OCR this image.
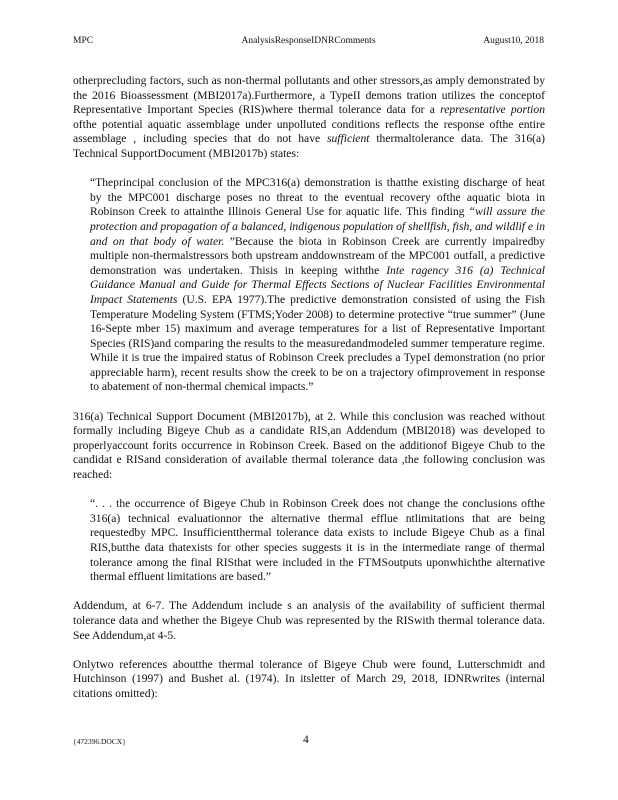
MPC	AnalysisResponseIDNRComments	August10, 2018

otherprecluding factors, such as non-thermal pollutants and other stressors,as amply demonstrated by the 2016 Bioassessment (MBI2017a).Furthermore, a TypeII demons tration utilizes the conceptof Representative Important Species (RIS)where thermal tolerance data for a representative portion ofthe potential aquatic assemblage under unpolluted conditions reflects the response ofthe entire assemblage , including species that do not have sufficient thermaltolerance data. The 316(a) Technical SupportDocument (MBI2017b) states:

“Theprincipal conclusion of the MPC316(a) demonstration is thatthe existing discharge of heat by the MPC001 discharge poses no threat to the eventual recovery ofthe aquatic biota in Robinson Creek to attainthe Illinois General Use for aquatic life. This finding “will assure the protection and propagation of a balanced, indigenous population of shellfish, fish, and wildlif e in and on that body of water. ”Because the biota in Robinson Creek are currently impairedby multiple non-thermalstressors both upstream anddownstream of the MPC001 outfall, a predictive demonstration was undertaken. Thisis in keeping withthe Inte ragency 316 (a) Technical Guidance Manual and Guide for Thermal Effects Sections of Nuclear Facilities Environmental Impact Statements (U.S. EPA 1977).The predictive demonstration consisted of using the Fish Temperature Modeling System (FTMS;Yoder 2008) to determine protective “true summer” (June 16-Septe mber 15) maximum and average temperatures for a list of Representative Important Species (RIS)and comparing the results to the measuredandmodeled summer temperature regime. While it is true the impaired status of Robinson Creek precludes a TypeI demonstration (no prior appreciable harm), recent results show the creek to be on a trajectory ofimprovement in response to abatement of non-thermal chemical impacts.”

316(a) Technical Support Document (MBI2017b), at 2. While this conclusion was reached without formally including Bigeye Chub as a candidate RIS,an Addendum (MBI2018) was developed to properlyaccount forits occurrence in Robinson Creek. Based on the additionof Bigeye Chub to the candidat e RISand consideration of available thermal tolerance data ,the following conclusion was reached:

“. . . the occurrence of Bigeye Chub in Robinson Creek does not change the conclusions ofthe 316(a) technical evaluationnor the alternative thermal efflue ntlimitations that are being requestedby MPC. Insufficientthermal tolerance data exists to include Bigeye Chub as a final RIS,butthe data thatexists for other species suggests it is in the intermediate range of thermal tolerance among the final RISthat were included in the FTMSoutputs uponwhichthe alternative thermal effluent limitations are based.”

Addendum, at 6-7. The Addendum include s an analysis of the availability of sufficient thermal tolerance data and whether the Bigeye Chub was represented by the RISwith thermal tolerance data. See Addendum,at 4-5.

Onlytwo references aboutthe thermal tolerance of Bigeye Chub were found, Lutterschmidt and Hutchinson (1997) and Bushet al. (1974). In itsletter of March 29, 2018, IDNRwrites (internal citations omitted):

{472396.DOCX}	4
